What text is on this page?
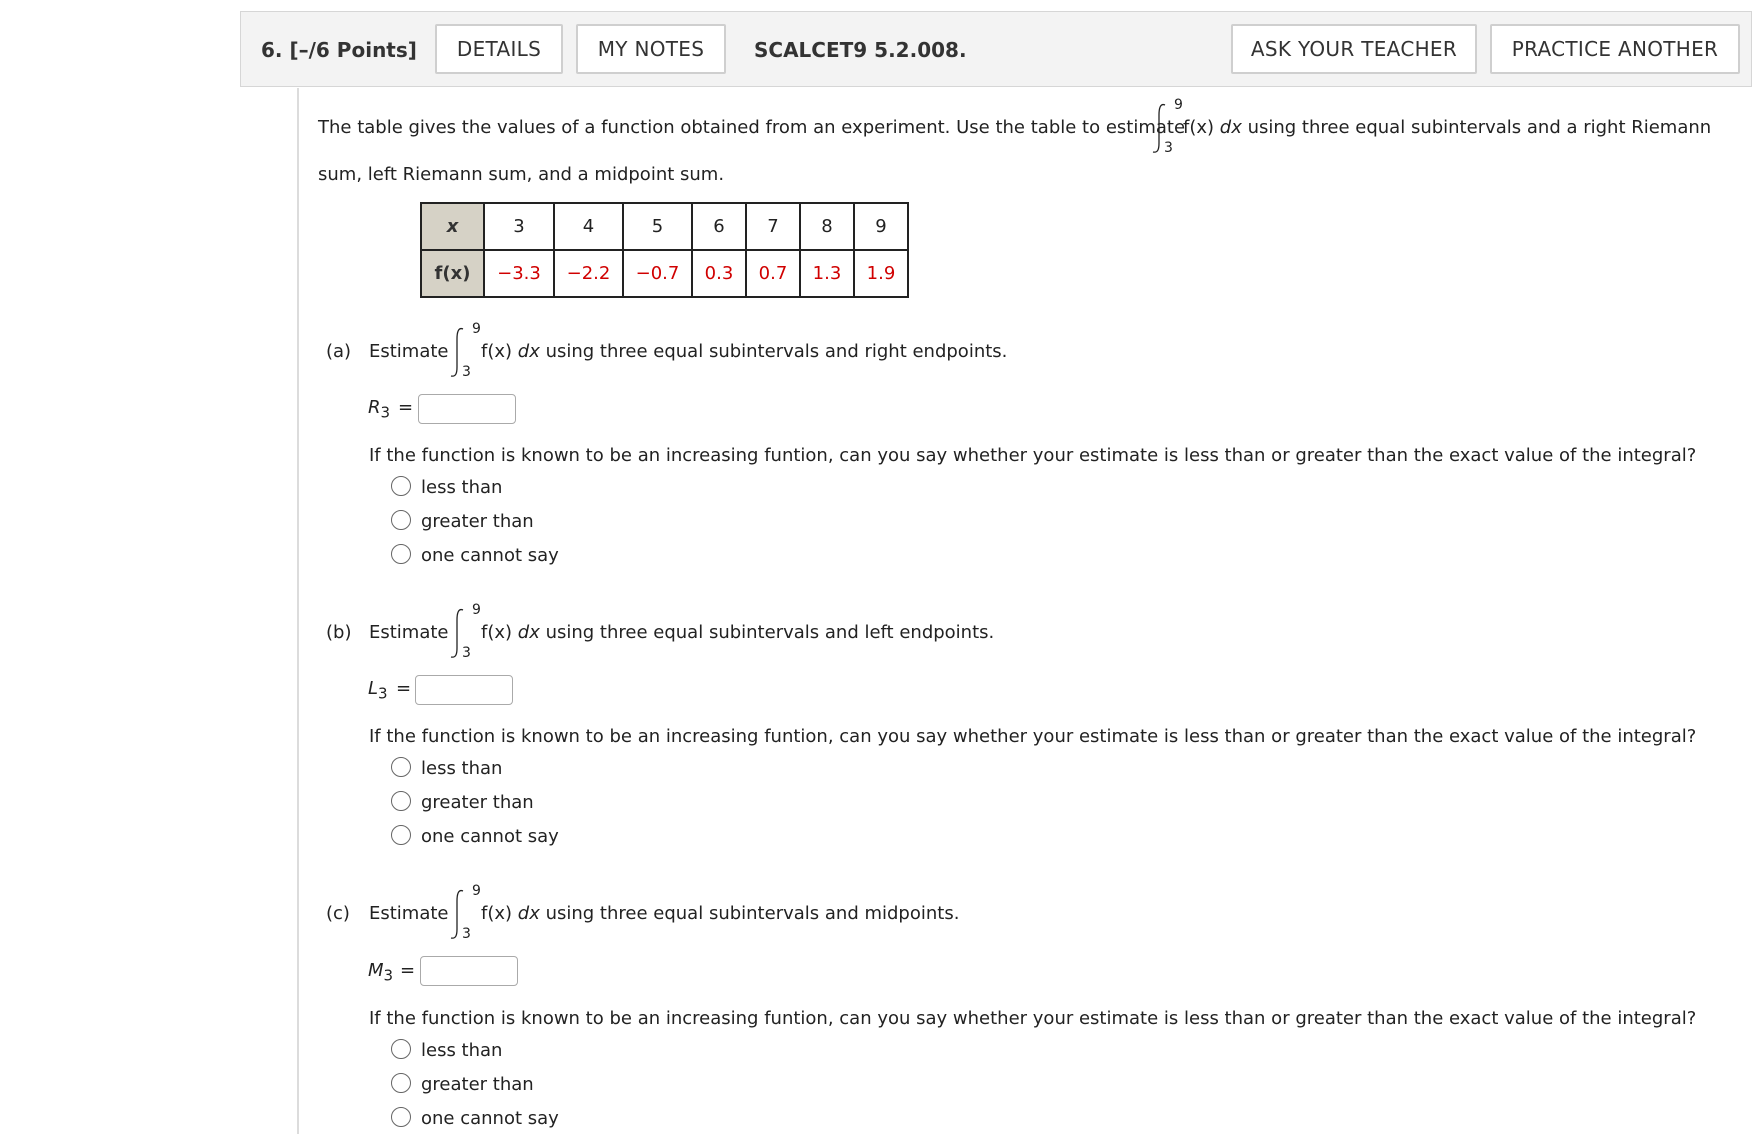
6. [–/6 Points]	DETAILS	MY NOTES	SCALCET9 5.2.008.	ASK YOUR TEACHER	PRACTICE ANOTHER
The table gives the values of a function obtained from an experiment. Use the table to estimate
9
3
f(x) dx using three equal subintervals and a right Riemann
sum, left Riemann sum, and a midpoint sum.
x	3	4	5	6	7	8	9
f(x)	−3.3	−2.2	−0.7	0.3	0.7	1.3	1.9
(a) Estimate
9
3
f(x) dx using three equal subintervals and right endpoints.
$R_3$ =
If the function is known to be an increasing funtion, can you say whether your estimate is less than or greater than the exact value of the integral?
less than
greater than
one cannot say
(b) Estimate
9
3
f(x) dx using three equal subintervals and left endpoints.
$L_3$ =
If the function is known to be an increasing funtion, can you say whether your estimate is less than or greater than the exact value of the integral?
less than
greater than
one cannot say
(c) Estimate
9
3
f(x) dx using three equal subintervals and midpoints.
$M_3$ =
If the function is known to be an increasing funtion, can you say whether your estimate is less than or greater than the exact value of the integral?
less than
greater than
one cannot say
